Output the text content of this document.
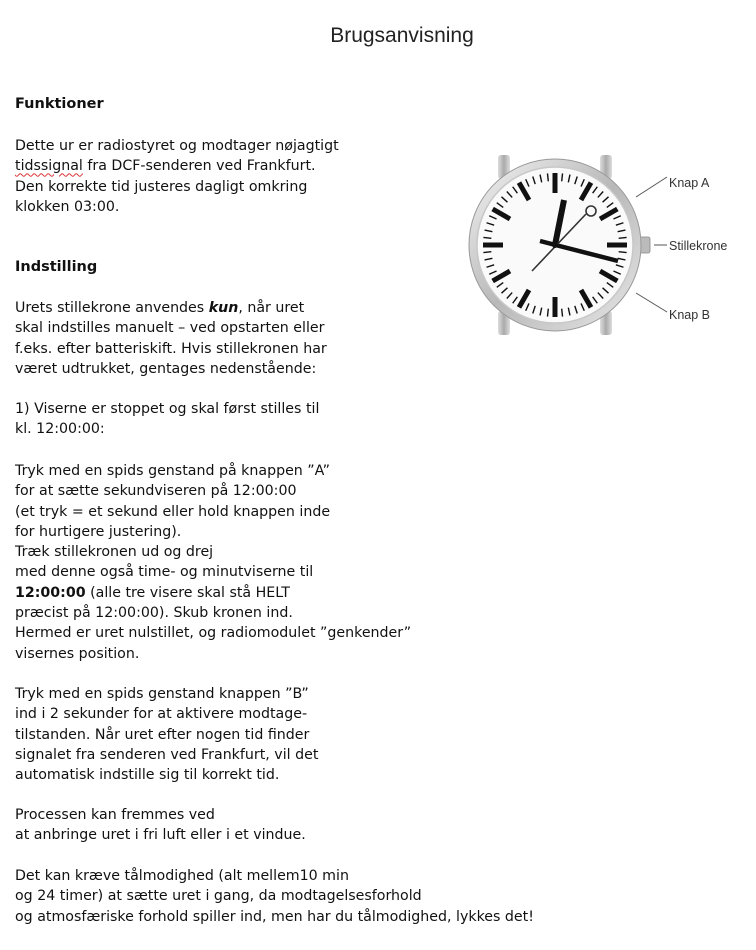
Brugsanvisning
Funktioner
Dette ur er radiostyret og modtager nøjagtigt
tidssignal fra DCF-senderen ved Frankfurt.
Den korrekte tid justeres dagligt omkring
klokken 03:00.
Indstilling
Urets stillekrone anvendes kun, når uret
skal indstilles manuelt – ved opstarten eller
f.eks. efter batteriskift. Hvis stillekronen har
været udtrukket, gentages nedenstående:
1) Viserne er stoppet og skal først stilles til
kl. 12:00:00:
Tryk med en spids genstand på knappen ”A”
for at sætte sekundviseren på 12:00:00
(et tryk = et sekund eller hold knappen inde
for hurtigere justering).
Træk stillekronen ud og drej
med denne også time- og minutviserne til
12:00:00 (alle tre visere skal stå HELT
præcist på 12:00:00). Skub kronen ind.
Hermed er uret nulstillet, og radiomodulet ”genkender”
visernes position.
Tryk med en spids genstand knappen ”B”
ind i 2 sekunder for at aktivere modtage-
tilstanden. Når uret efter nogen tid finder
signalet fra senderen ved Frankfurt, vil det
automatisk indstille sig til korrekt tid.
Processen kan fremmes ved
at anbringe uret i fri luft eller i et vindue.
Det kan kræve tålmodighed (alt mellem10 min
og 24 timer) at sætte uret i gang, da modtagelsesforhold
og atmosfæriske forhold spiller ind, men har du tålmodighed, lykkes det!
Knap A
Stillekrone
Knap B
